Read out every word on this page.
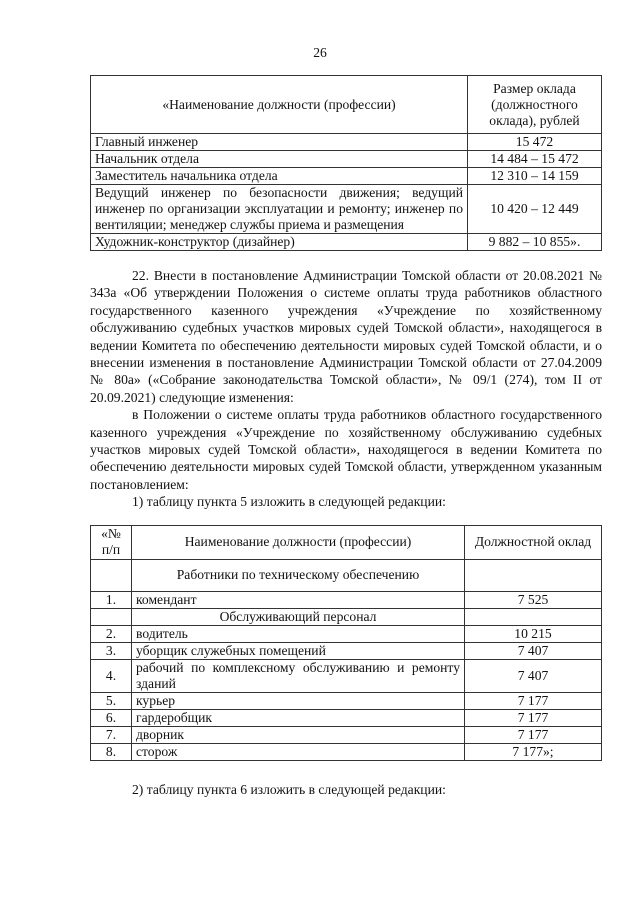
26
«Наименование должности (профессии)	Размер оклада (должностного оклада), рублей
Главный инженер	15 472
Начальник отдела	14 484 – 15 472
Заместитель начальника отдела	12 310 – 14 159
Ведущий инженер по безопасности движения; ведущий инженер по организации эксплуатации и ремонту; инженер по вентиляции; менеджер службы приема и размещения	10 420 – 12 449
Художник-конструктор (дизайнер)	9 882 – 10 855».

22. Внести в постановление Администрации Томской области от 20.08.2021 № 343а «Об утверждении Положения о системе оплаты труда работников областного государственного казенного учреждения «Учреждение по хозяйственному обслуживанию судебных участков мировых судей Томской области», находящегося в ведении Комитета по обеспечению деятельности мировых судей Томской области, и о внесении изменения в постановление Администрации Томской области от 27.04.2009 № 80а» («Собрание законодательства Томской области», № 09/1 (274), том II от 20.09.2021) следующие изменения:

в Положении о системе оплаты труда работников областного государственного казенного учреждения «Учреждение по хозяйственному обслуживанию судебных участков мировых судей Томской области», находящегося в ведении Комитета по обеспечению деятельности мировых судей Томской области, утвержденном указанным постановлением:

1) таблицу пункта 5 изложить в следующей редакции:

«№ п/п	Наименование должности (профессии)	Должностной оклад
	Работники по техническому обеспечению	
1.	комендант	7 525
	Обслуживающий персонал	
2.	водитель	10 215
3.	уборщик служебных помещений	7 407
4.	рабочий по комплексному обслуживанию и ремонту зданий	7 407
5.	курьер	7 177
6.	гардеробщик	7 177
7.	дворник	7 177
8.	сторож	7 177»;

2) таблицу пункта 6 изложить в следующей редакции:
